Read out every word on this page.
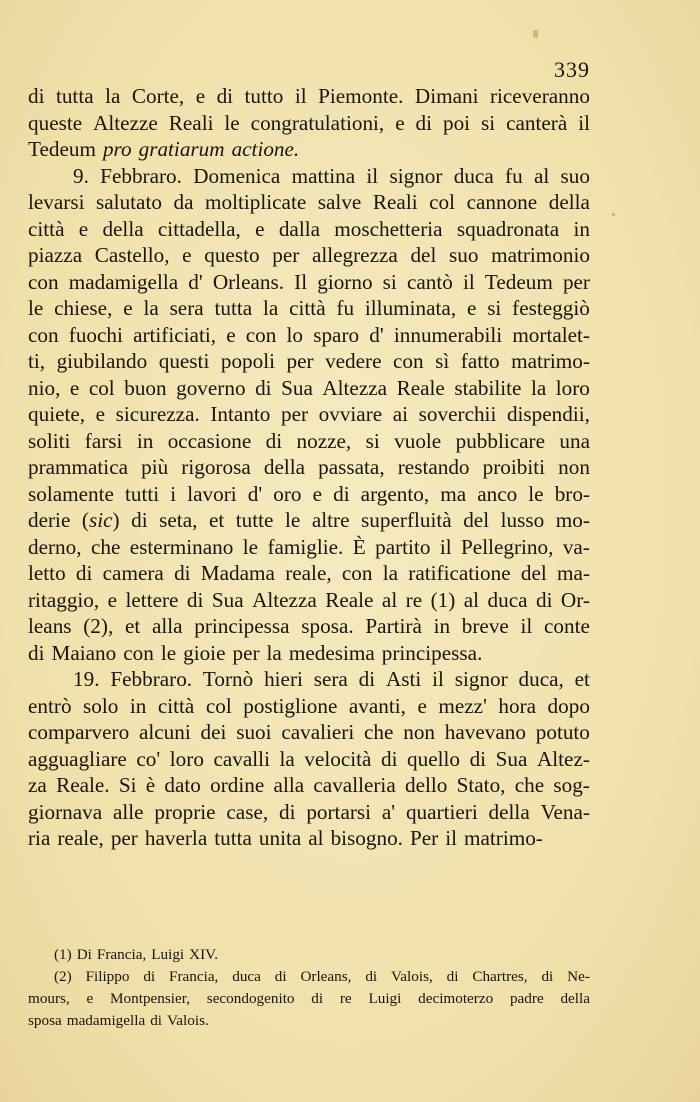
339
di tutta la Corte, e di tutto il Piemonte. Dimani riceveranno
queste Altezze Reali le congratulationi, e di poi si canterà il
Tedeum pro gratiarum actione.
9. Febbraro. Domenica mattina il signor duca fu al suo
levarsi salutato da moltiplicate salve Reali col cannone della
città e della cittadella, e dalla moschetteria squadronata in
piazza Castello, e questo per allegrezza del suo matrimonio
con madamigella d' Orleans. Il giorno si cantò il Tedeum per
le chiese, e la sera tutta la città fu illuminata, e si festeggiò
con fuochi artificiati, e con lo sparo d' innumerabili mortalet-
ti, giubilando questi popoli per vedere con sì fatto matrimo-
nio, e col buon governo di Sua Altezza Reale stabilite la loro
quiete, e sicurezza. Intanto per ovviare ai soverchii dispendii,
soliti farsi in occasione di nozze, si vuole pubblicare una
prammatica più rigorosa della passata, restando proibiti non
solamente tutti i lavori d' oro e di argento, ma anco le bro-
derie (sic) di seta, et tutte le altre superfluità del lusso mo-
derno, che esterminano le famiglie. È partito il Pellegrino, va-
letto di camera di Madama reale, con la ratificatione del ma-
ritaggio, e lettere di Sua Altezza Reale al re (1) al duca di Or-
leans (2), et alla principessa sposa. Partirà in breve il conte
di Maiano con le gioie per la medesima principessa.
19. Febbraro. Tornò hieri sera di Asti il signor duca, et
entrò solo in città col postiglione avanti, e mezz' hora dopo
comparvero alcuni dei suoi cavalieri che non havevano potuto
agguagliare co' loro cavalli la velocità di quello di Sua Altez-
za Reale. Si è dato ordine alla cavalleria dello Stato, che sog-
giornava alle proprie case, di portarsi a' quartieri della Vena-
ria reale, per haverla tutta unita al bisogno. Per il matrimo-
(1) Di Francia, Luigi XIV.
(2) Filippo di Francia, duca di Orleans, di Valois, di Chartres, di Ne-
mours, e Montpensier, secondogenito di re Luigi decimoterzo padre della
sposa madamigella di Valois.
